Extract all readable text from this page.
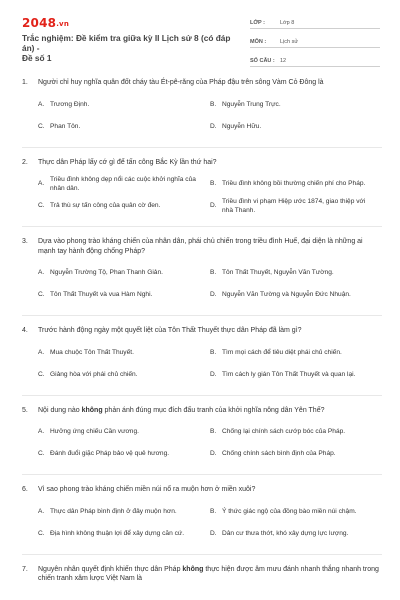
2048.vn
Trắc nghiệm: Đề kiểm tra giữa kỳ II Lịch sử 8 (có đáp án) -
Đề số 1
LỚP :	Lớp 8
MÔN :	Lịch sử
SỐ CÂU : 12
1. Người chỉ huy nghĩa quân đốt cháy tàu Ét-pê-răng của Pháp đậu trên sông Vàm Cỏ Đông là
A. Trương Định.	B. Nguyễn Trung Trực.
C. Phan Tôn.	D. Nguyễn Hữu.
2. Thực dân Pháp lấy cớ gì để tấn công Bắc Kỳ lần thứ hai?
A.
Triều đình không dẹp nổi các cuộc khởi nghĩa của nhân dân.
B. Triều đình không bồi thường chiến phí cho Pháp.
C. Trả thù sự tấn công của quân cờ đen.	D.
Triều đình vi phạm Hiệp ước 1874, giao thiệp với nhà Thanh.
3. Dựa vào phong trào kháng chiến của nhân dân, phái chủ chiến trong triều đình Huế, đại diện là những ai mạnh tay hành động chống Pháp?
A. Nguyễn Trường Tộ, Phan Thanh Giản.	B. Tôn Thất Thuyết, Nguyễn Văn Tường.
C. Tôn Thất Thuyết và vua Hàm Nghi.	D. Nguyễn Văn Tường và Nguyễn Đức Nhuận.
4. Trước hành động ngày một quyết liệt của Tôn Thất Thuyết thực dân Pháp đã làm gì?
A. Mua chuộc Tôn Thất Thuyết.	B. Tìm mọi cách để tiêu diệt phái chủ chiến.
C. Giảng hòa với phái chủ chiến.	D. Tìm cách ly gián Tôn Thất Thuyết và quan lại.
5. Nội dung nào không phản ánh đúng mục đích đấu tranh của khởi nghĩa nông dân Yên Thế?
A. Hưởng ứng chiếu Cần vương.	B. Chống lại chính sách cướp bóc của Pháp.
C. Đánh đuổi giặc Pháp bảo vệ quê hương.	D. Chống chính sách bình định của Pháp.
6. Vì sao phong trào kháng chiến miền núi nổ ra muộn hơn ở miền xuôi?
A. Thực dân Pháp bình định ở đây muộn hơn.	B. Ý thức giác ngộ của đồng bào miền núi chậm.
C. Địa hình không thuận lợi để xây dựng căn cứ.	D. Dân cư thưa thớt, khó xây dựng lực lượng.
7. Nguyên nhân quyết định khiến thực dân Pháp không thực hiện được âm mưu đánh nhanh thắng nhanh trong chiến tranh xâm lược Việt Nam là
